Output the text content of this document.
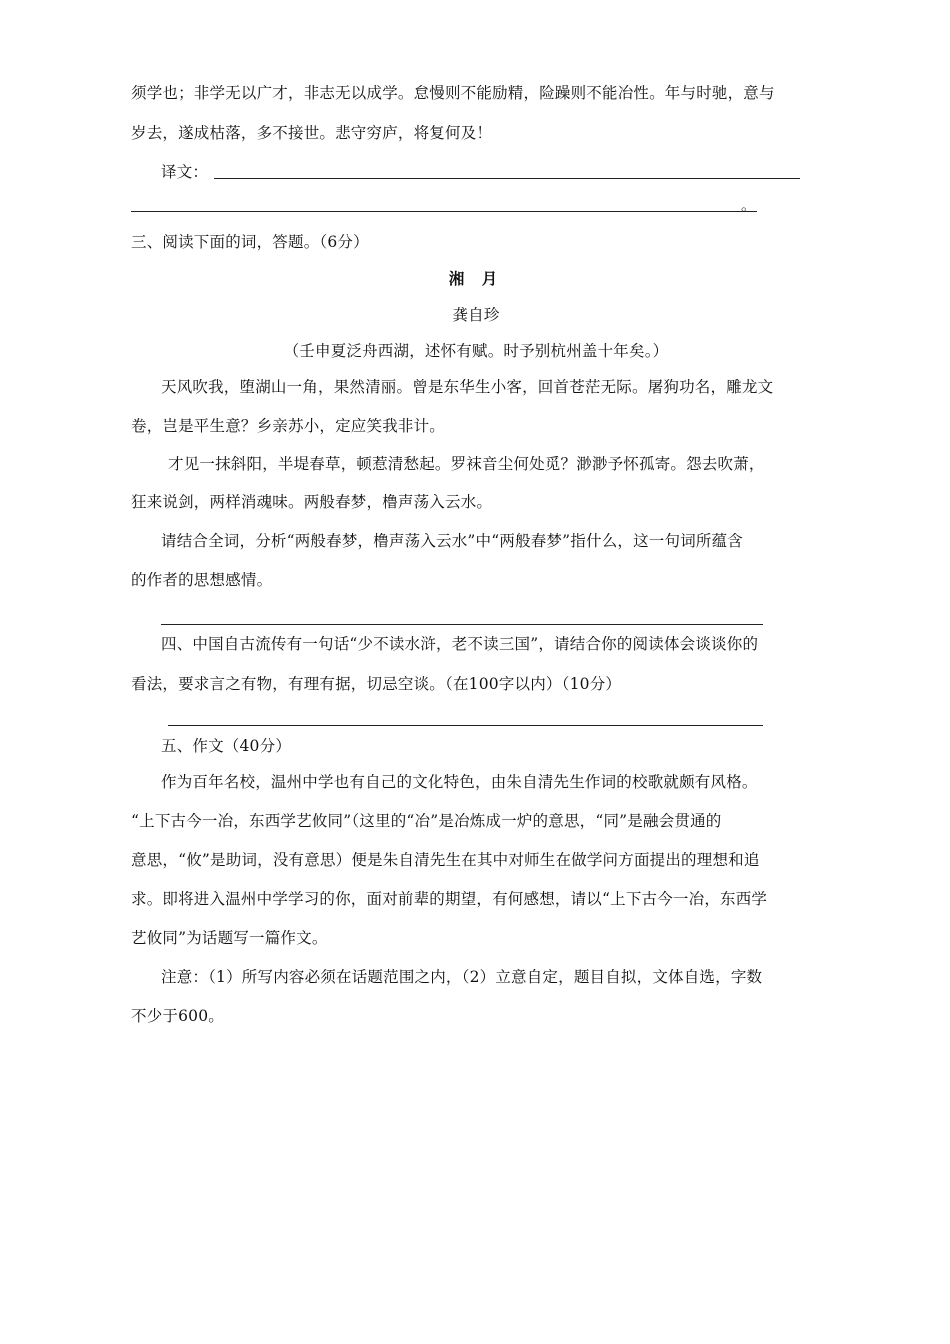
须学也；非学无以广才，非志无以成学。怠慢则不能励精，险躁则不能冶性。年与时驰，意与
岁去，遂成枯落，多不接世。悲守穷庐，将复何及！
译文：
。
三、阅读下面的词，答题。（6分）
湘 月
龚自珍
（壬申夏泛舟西湖，述怀有赋。时予别杭州盖十年矣。）
天风吹我，堕湖山一角，果然清丽。曾是东华生小客，回首苍茫无际。屠狗功名，雕龙文
卷，岂是平生意？乡亲苏小，定应笑我非计。
才见一抹斜阳，半堤春草，顿惹清愁起。罗袜音尘何处觅？渺渺予怀孤寄。怨去吹萧，
狂来说剑，两样消魂味。两般春梦，橹声荡入云水。
请结合全词，分析“两般春梦，橹声荡入云水”中“两般春梦”指什么，这一句词所蕴含
的作者的思想感情。
四、中国自古流传有一句话“少不读水浒，老不读三国”，请结合你的阅读体会谈谈你的
看法，要求言之有物，有理有据，切忌空谈。（在100字以内）（10分）
五、作文（40分）
作为百年名校，温州中学也有自己的文化特色，由朱自清先生作词的校歌就颇有风格。
“上下古今一冶，东西学艺攸同”（这里的“冶”是冶炼成一炉的意思，“同”是融会贯通的
意思，“攸”是助词，没有意思）便是朱自清先生在其中对师生在做学问方面提出的理想和追
求。即将进入温州中学学习的你，面对前辈的期望，有何感想，请以“上下古今一冶，东西学
艺攸同”为话题写一篇作文。
注意：（1）所写内容必须在话题范围之内，（2）立意自定，题目自拟，文体自选，字数
不少于600。
